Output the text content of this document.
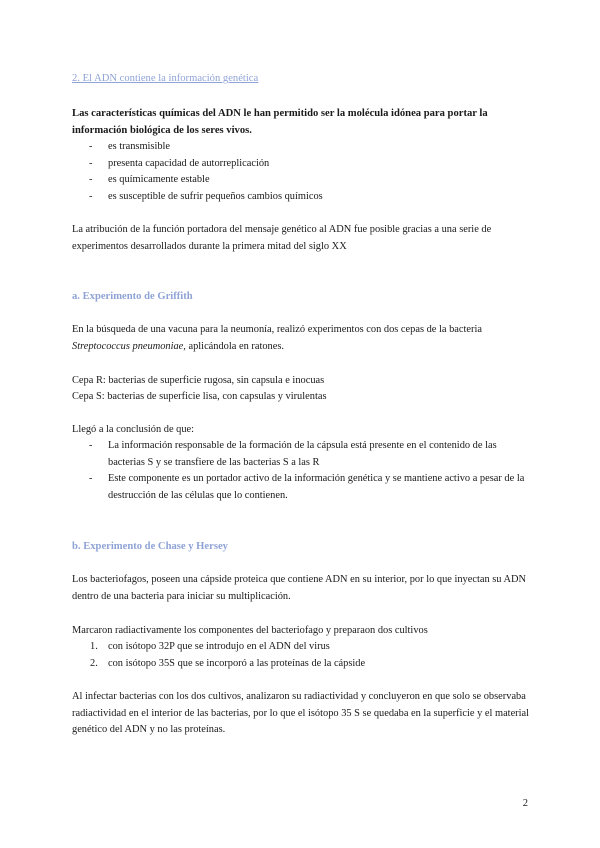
2. El ADN contiene la información genética

Las características químicas del ADN le han permitido ser la molécula idónea para portar la información biológica de los seres vivos.

- es transmisible
- presenta capacidad de autorreplicación
- es químicamente estable
- es susceptible de sufrir pequeños cambios químicos

La atribución de la función portadora del mensaje genético al ADN fue posible gracias a una serie de experimentos desarrollados durante la primera mitad del siglo XX

a. Experimento de Griffith

En la búsqueda de una vacuna para la neumonía, realizó experimentos con dos cepas de la bacteria Streptococcus pneumoniae, aplicándola en ratones.

Cepa R: bacterias de superficie rugosa, sin capsula e inocuas

Cepa S: bacterias de superficie lisa, con capsulas y virulentas

Llegó a la conclusión de que:

- La información responsable de la formación de la cápsula está presente en el contenido de las bacterias S y se transfiere de las bacterias S a las R
- Este componente es un portador activo de la información genética y se mantiene activo a pesar de la destrucción de las células que lo contienen.
b. Experimento de Chase y Hersey

Los bacteriofagos, poseen una cápside proteica que contiene ADN en su interior, por lo que inyectan su ADN dentro de una bacteria para iniciar su multiplicación.

Marcaron radiactivamente los componentes del bacteriofago y preparaon dos cultivos

1. con isótopo 32P que se introdujo en el ADN del virus
2. con isótopo 35S que se incorporó a las proteínas de la cápside

Al infectar bacterias con los dos cultivos, analizaron su radiactividad y concluyeron en que solo se observaba radiactividad en el interior de las bacterias, por lo que el isótopo 35 S se quedaba en la superficie y el material genético del ADN y no las proteínas.

2
